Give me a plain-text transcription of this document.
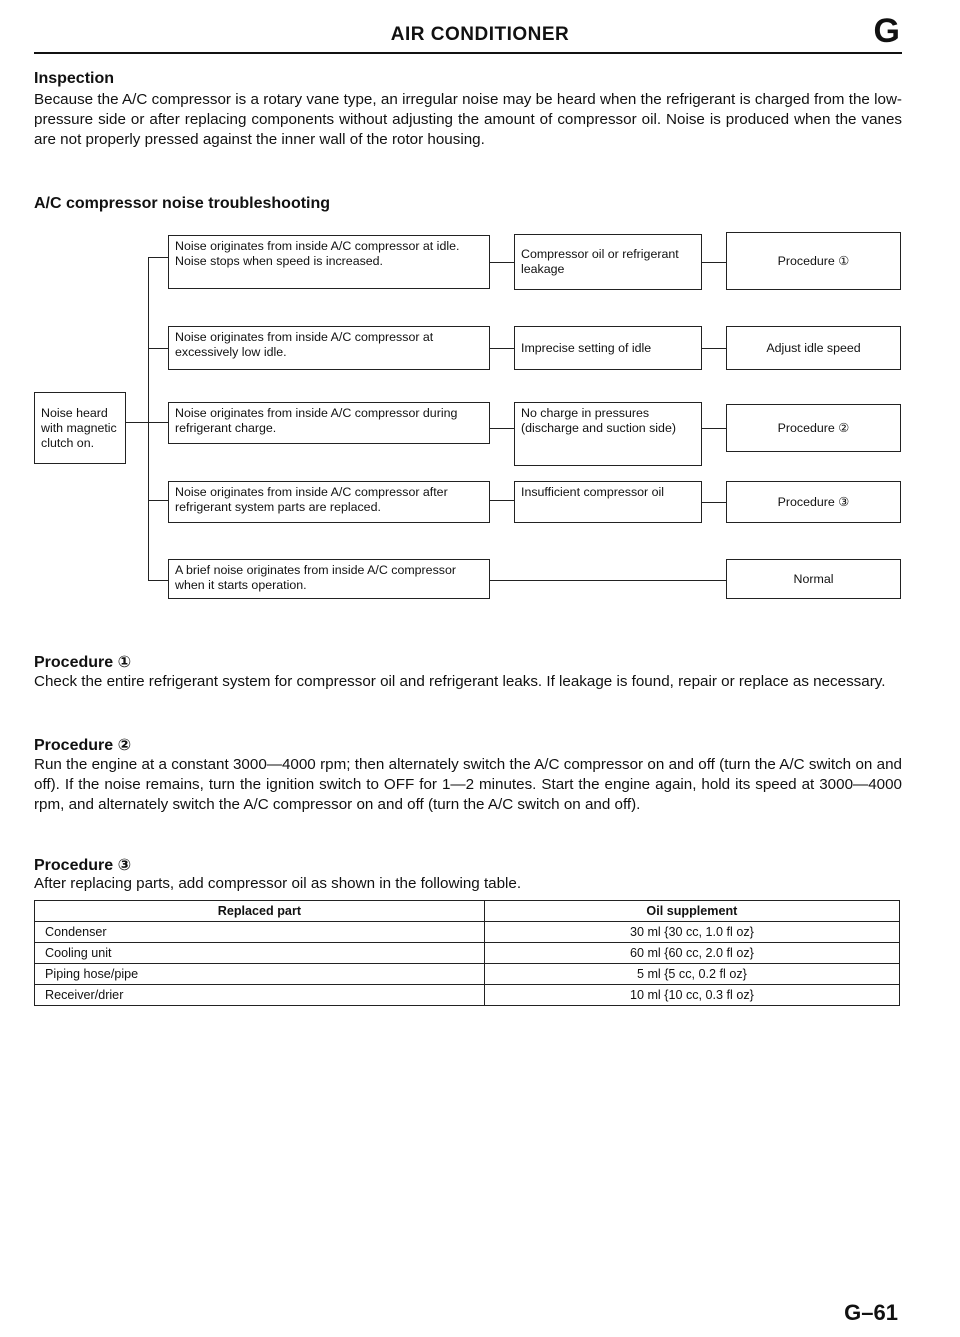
AIR CONDITIONER	G
Inspection
Because the A/C compressor is a rotary vane type, an irregular noise may be heard when the refrigerant is charged from the low-pressure side or after replacing components without adjusting the amount of compressor oil. Noise is produced when the vanes are not properly pressed against the inner wall of the rotor housing.
A/C compressor noise troubleshooting
Noise heard with magnetic clutch on.
Noise originates from inside A/C compressor at idle. Noise stops when speed is increased.	Compressor oil or refrigerant leakage
Procedure ①
Noise originates from inside A/C compressor at excessively low idle.	Imprecise setting of idle	Adjust idle speed
Noise originates from inside A/C compressor during refrigerant charge.
No charge in pressures (discharge and suction side)	Procedure ②
Noise originates from inside A/C compressor after refrigerant system parts are replaced.
Insufficient compressor oil
Procedure ③
A brief noise originates from inside A/C compressor when it starts operation.	Normal
Procedure ①
Check the entire refrigerant system for compressor oil and refrigerant leaks. If leakage is found, repair or replace as necessary.
Procedure ②
Run the engine at a constant 3000—4000 rpm; then alternately switch the A/C compressor on and off (turn the A/C switch on and off). If the noise remains, turn the ignition switch to OFF for 1—2 minutes. Start the engine again, hold its speed at 3000—4000 rpm, and alternately switch the A/C compressor on and off (turn the A/C switch on and off).
Procedure ③
After replacing parts, add compressor oil as shown in the following table.
Replaced part	Oil supplement
Condenser	30 ml {30 cc, 1.0 fl oz}
Cooling unit	60 ml {60 cc, 2.0 fl oz}
Piping hose/pipe	5 ml {5 cc, 0.2 fl oz}
Receiver/drier	10 ml {10 cc, 0.3 fl oz}
G–61
